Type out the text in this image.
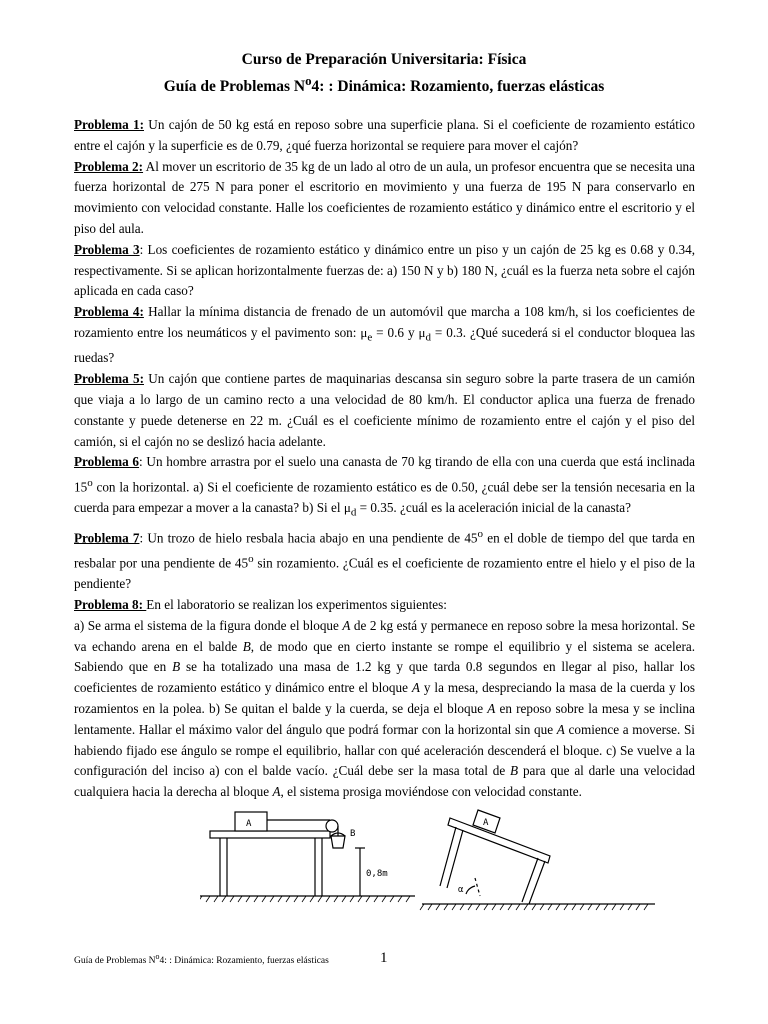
Curso de Preparación Universitaria: Física
Guía de Problemas $N^o4$: : Dinámica: Rozamiento, fuerzas elásticas

Problema 1: Un cajón de 50 kg está en reposo sobre una superficie plana. Si el coeficiente de rozamiento estático entre el cajón y la superficie es de 0.79, ¿qué fuerza horizontal se requiere para mover el cajón?

Problema 2: Al mover un escritorio de 35 kg de un lado al otro de un aula, un profesor encuentra que se necesita una fuerza horizontal de 275 N para poner el escritorio en movimiento y una fuerza de 195 N para conservarlo en movimiento con velocidad constante. Halle los coeficientes de rozamiento estático y dinámico entre el escritorio y el piso del aula.

Problema 3: Los coeficientes de rozamiento estático y dinámico entre un piso y un cajón de 25 kg es 0.68 y 0.34, respectivamente. Si se aplican horizontalmente fuerzas de: a) 150 N y b) 180 N, ¿cuál es la fuerza neta sobre el cajón aplicada en cada caso?

Problema 4: Hallar la mínima distancia de frenado de un automóvil que marcha a 108 km/h, si los coeficientes de rozamiento entre los neumáticos y el pavimento son: $\mu_e = 0.6$ y $\mu_d = 0.3$. ¿Qué sucederá si el conductor bloquea las ruedas?

Problema 5: Un cajón que contiene partes de maquinarias descansa sin seguro sobre la parte trasera de un camión que viaja a lo largo de un camino recto a una velocidad de 80 km/h. El conductor aplica una fuerza de frenado constante y puede detenerse en 22 m. ¿Cuál es el coeficiente mínimo de rozamiento entre el cajón y el piso del camión, si el cajón no se deslizó hacia adelante.

Problema 6: Un hombre arrastra por el suelo una canasta de 70 kg tirando de ella con una cuerda que está inclinada 15$^o$ con la horizontal. a) Si el coeficiente de rozamiento estático es de 0.50, ¿cuál debe ser la tensión necesaria en la cuerda para empezar a mover a la canasta? b) Si el $\mu_d = 0.35$. ¿cuál es la aceleración inicial de la canasta?

Problema 7: Un trozo de hielo resbala hacia abajo en una pendiente de 45$^o$ en el doble de tiempo del que tarda en resbalar por una pendiente de 45$^o$ sin rozamiento. ¿Cuál es el coeficiente de rozamiento entre el hielo y el piso de la pendiente?

Problema 8: En el laboratorio se realizan los experimentos siguientes:

a) Se arma el sistema de la figura donde el bloque A de 2 kg está y permanece en reposo sobre la mesa horizontal. Se va echando arena en el balde B, de modo que en cierto instante se rompe el equilibrio y el sistema se acelera. Sabiendo que en B se ha totalizado una masa de 1.2 kg y que tarda 0.8 segundos en llegar al piso, hallar los coeficientes de rozamiento estático y dinámico entre el bloque A y la mesa, despreciando la masa de la cuerda y los rozamientos en la polea. b) Se quitan el balde y la cuerda, se deja el bloque A en reposo sobre la mesa y se inclina lentamente. Hallar el máximo valor del ángulo que podrá formar con la horizontal sin que A comience a moverse. Si habiendo fijado ese ángulo se rompe el equilibrio, hallar con qué aceleración descenderá el bloque. c) Se vuelve a la configuración del inciso a) con el balde vacío. ¿Cuál debe ser la masa total de B para que al darle una velocidad cualquiera hacia la derecha al bloque A, el sistema prosiga moviéndose con velocidad constante.

A
B
0,8m
A
α
Guía de Problemas $N^o4$: : Dinámica: Rozamiento, fuerzas elásticas	1
